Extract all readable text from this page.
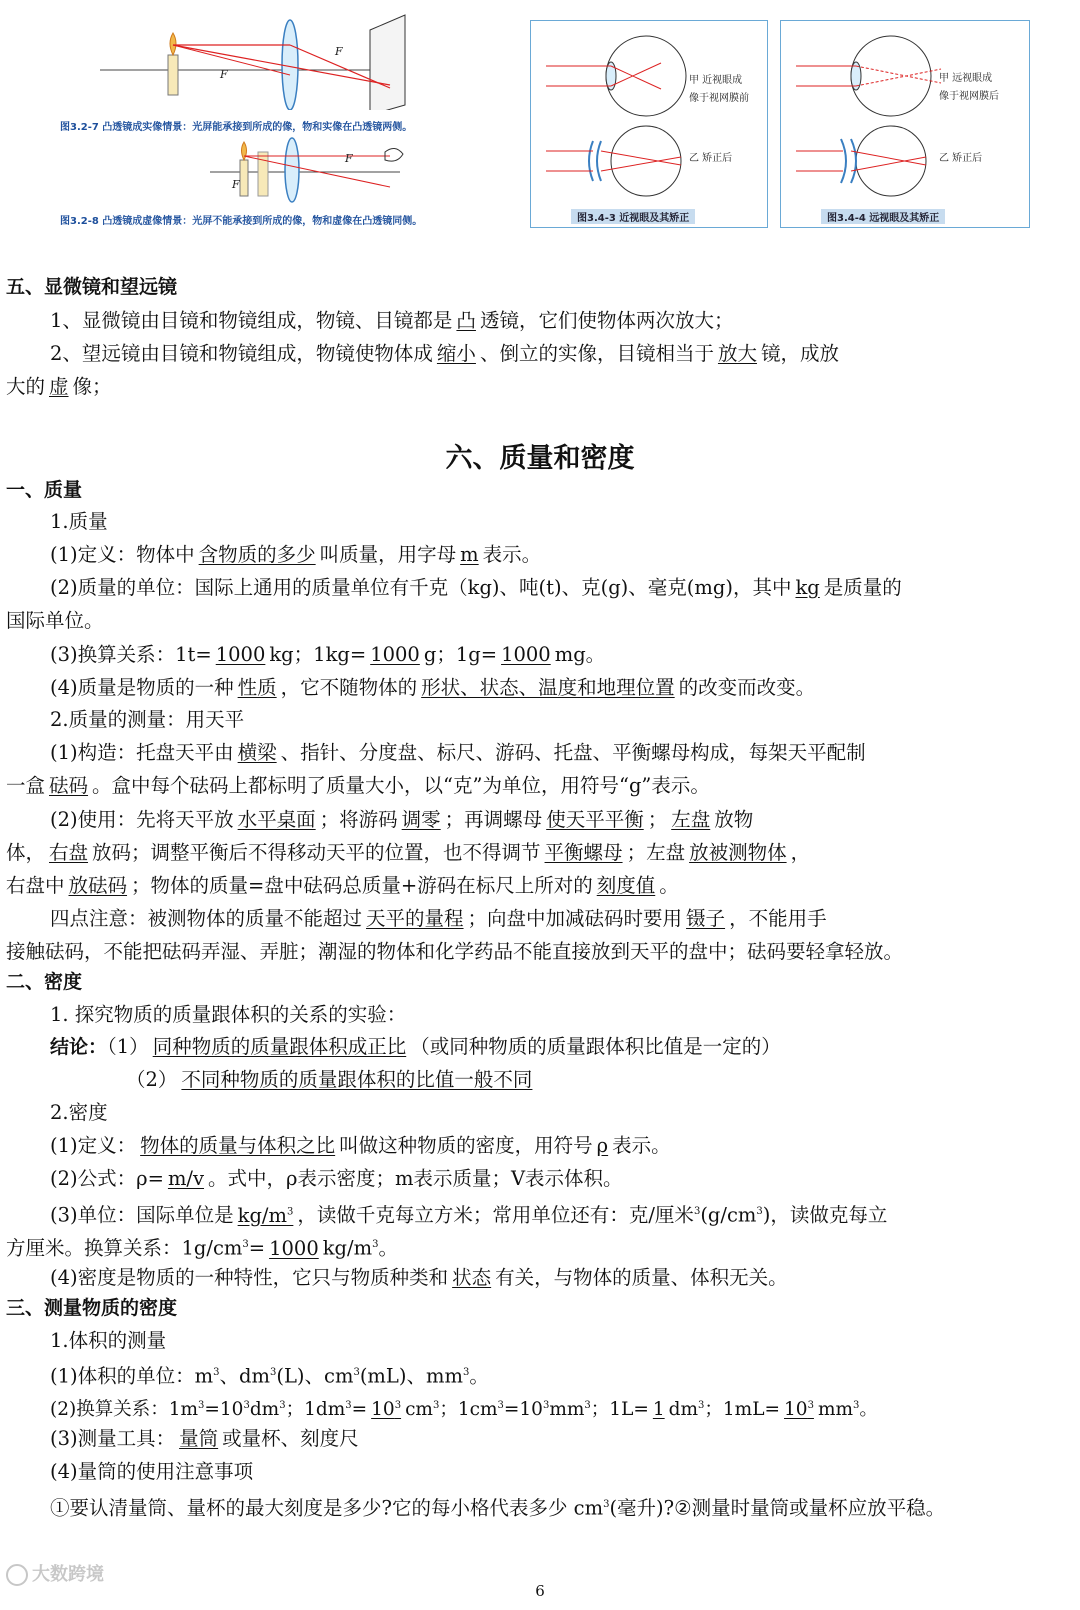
F
F
图3.2-7 凸透镜成实像情景：光屏能承接到所成的像，物和实像在凸透镜两侧。
F
F
图3.2-8 凸透镜成虚像情景：光屏不能承接到所成的像，物和虚像在凸透镜同侧。
甲 近视眼成
像于视网膜前
乙 矫正后
图3.4-3 近视眼及其矫正
甲 远视眼成
像于视网膜后
乙 矫正后
图3.4-4 远视眼及其矫正
五、显微镜和望远镜
1、显微镜由目镜和物镜组成，物镜、目镜都是 凸 透镜，它们使物体两次放大；
2、望远镜由目镜和物镜组成，物镜使物体成 缩小 、倒立的实像，目镜相当于 放大 镜，成放
大的 虚 像；
六、质量和密度
一、质量
1.质量
(1)定义：物体中 含物质的多少 叫质量，用字母 m 表示。
(2)质量的单位：国际上通用的质量单位有千克（kg)、吨(t)、克(g)、毫克(mg)，其中 kg 是质量的
国际单位。
(3)换算关系：1t= 1000 kg；1kg= 1000 g；1g= 1000 mg。
(4)质量是物质的一种 性质 ，它不随物体的 形状、状态、温度和地理位置 的改变而改变。
2.质量的测量：用天平
(1)构造：托盘天平由 横梁 、指针、分度盘、标尺、游码、托盘、平衡螺母构成，每架天平配制
一盒 砝码 。盒中每个砝码上都标明了质量大小，以“克”为单位，用符号“g”表示。
(2)使用：先将天平放 水平桌面 ；将游码 调零 ；再调螺母 使天平平衡 ； 左盘 放物
体， 右盘 放码；调整平衡后不得移动天平的位置，也不得调节 平衡螺母 ；左盘 放被测物体 ，
右盘中 放砝码 ；物体的质量=盘中砝码总质量+游码在标尺上所对的 刻度值 。
四点注意：被测物体的质量不能超过 天平的量程 ；向盘中加减砝码时要用 镊子 ，不能用手
接触砝码，不能把砝码弄湿、弄脏；潮湿的物体和化学药品不能直接放到天平的盘中；砝码要轻拿轻放。
二、密度
1. 探究物质的质量跟体积的关系的实验：
结论：（1） 同种物质的质量跟体积成正比 （或同种物质的质量跟体积比值是一定的）
（2） 不同种物质的质量跟体积的比值一般不同
2.密度
(1)定义： 物体的质量与体积之比 叫做这种物质的密度，用符号 ρ 表示。
(2)公式：ρ= m/v 。式中，ρ表示密度；m表示质量；V表示体积。
(3)单位：国际单位是 $kg/m^3$ ，读做千克每立方米；常用单位还有：克/厘米$^3(g/cm^3)$，读做克每立
方厘米。换算关系：$1g/cm^3= 1000$ $kg/m^3$。
(4)密度是物质的一种特性，它只与物质种类和 状态 有关，与物体的质量、体积无关。
三、测量物质的密度
1.体积的测量
(1)体积的单位：$m^3$、$dm^3(L)$、$cm^3(mL)$、$mm^3$。
(2)换算关系：$1m^3=10^3dm^3$；$1dm^3= 10^3$ $cm^3$；$1cm^3=10^3mm^3$；1L= 1 $dm^3$；$1mL= 10^3$ $mm^3$。
(3)测量工具： 量筒 或量杯、刻度尺
(4)量筒的使用注意事项
①要认清量筒、量杯的最大刻度是多少?它的每小格代表多少 $cm^3$(毫升)?②测量时量筒或量杯应放平稳。
大数跨境
6
